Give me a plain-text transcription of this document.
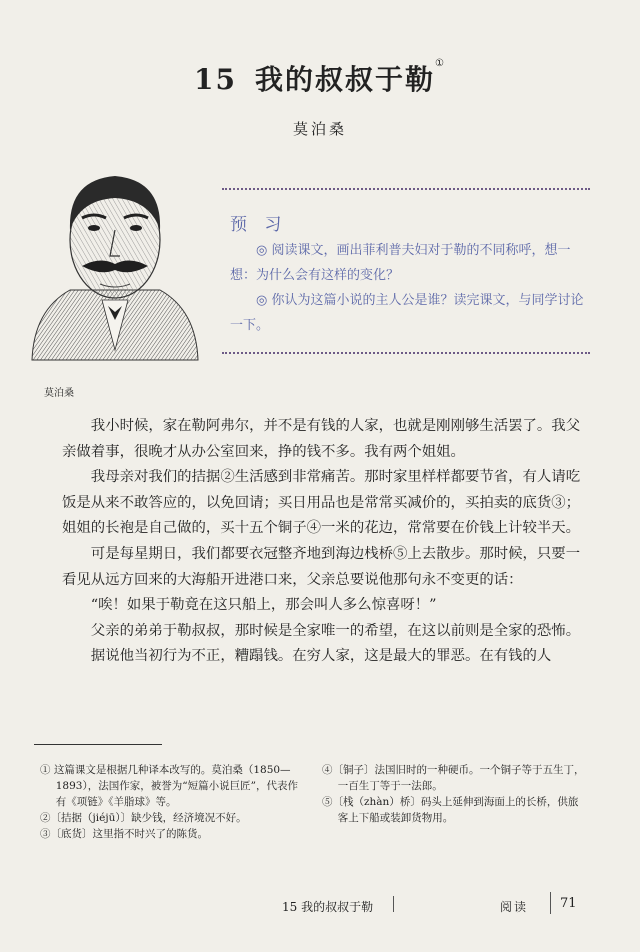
15 我的叔叔于勒①
莫泊桑
莫泊桑
预 习

◎ 阅读课文，画出菲利普夫妇对于勒的不同称呼，想一想：为什么会有这样的变化？

◎ 你认为这篇小说的主人公是谁？读完课文，与同学讨论一下。

我小时候，家在勒阿弗尔，并不是有钱的人家，也就是刚刚够生活罢了。我父亲做着事，很晚才从办公室回来，挣的钱不多。我有两个姐姐。

我母亲对我们的拮据②生活感到非常痛苦。那时家里样样都要节省，有人请吃饭是从来不敢答应的，以免回请；买日用品也是常常买减价的，买拍卖的底货③；姐姐的长袍是自己做的，买十五个铜子④一米的花边，常常要在价钱上计较半天。

可是每星期日，我们都要衣冠整齐地到海边栈桥⑤上去散步。那时候，只要一看见从远方回来的大海船开进港口来，父亲总要说他那句永不变更的话：

“唉！如果于勒竟在这只船上，那会叫人多么惊喜呀！”

父亲的弟弟于勒叔叔，那时候是全家唯一的希望，在这以前则是全家的恐怖。

据说他当初行为不正，糟蹋钱。在穷人家，这是最大的罪恶。在有钱的人

① 这篇课文是根据几种译本改写的。莫泊桑（1850—1893），法国作家，被誉为“短篇小说巨匠”，代表作有《项链》《羊脂球》等。

②〔拮据（jiéjū）〕缺少钱，经济境况不好。

③〔底货〕这里指不时兴了的陈货。

④〔铜子〕法国旧时的一种硬币。一个铜子等于五生丁，一百生丁等于一法郎。

⑤〔栈（zhàn）桥〕码头上延伸到海面上的长桥，供旅客上下船或装卸货物用。

15 我的叔叔于勒	阅读 71
